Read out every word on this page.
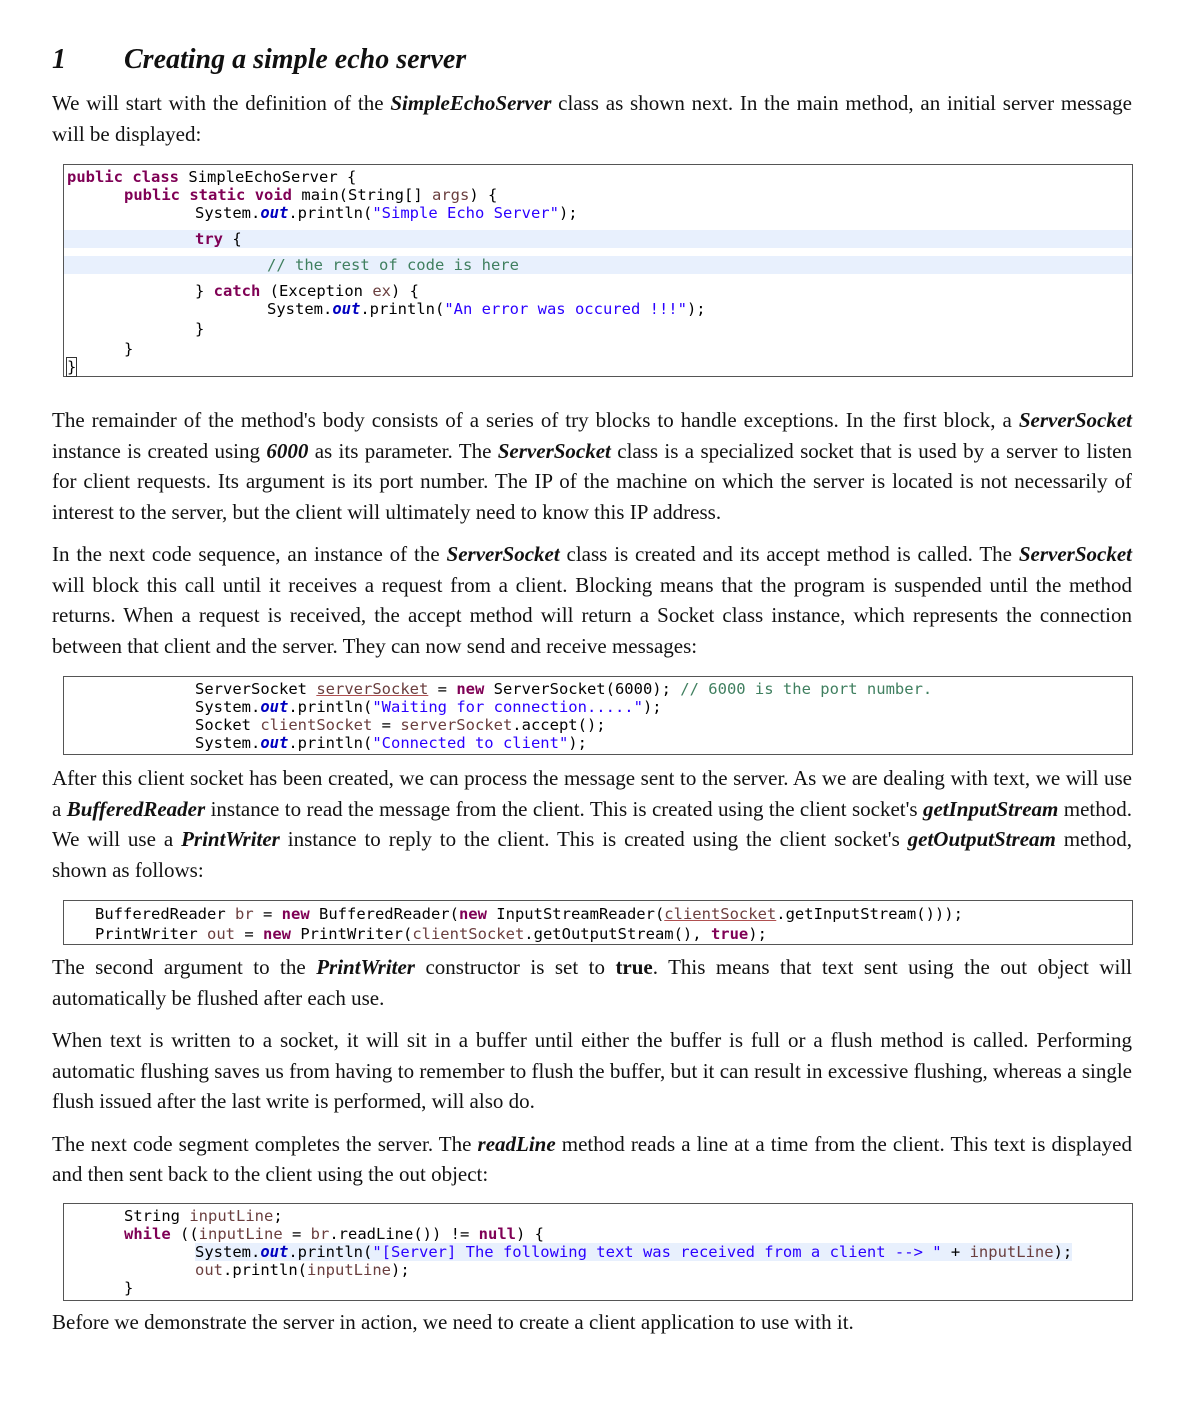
1	Creating a simple echo server

We will start with the definition of the SimpleEchoServer class as shown next. In the main method, an initial server message will be displayed:

public class SimpleEchoServer {
public static void main(String[] args) {
System.out.println("Simple Echo Server");
try {
// the rest of code is here
} catch (Exception ex) {
System.out.println("An error was occured !!!");
}
}
}

The remainder of the method's body consists of a series of try blocks to handle exceptions. In the first block, a ServerSocket instance is created using 6000 as its parameter. The ServerSocket class is a specialized socket that is used by a server to listen for client requests. Its argument is its port number. The IP of the machine on which the server is located is not necessarily of interest to the server, but the client will ultimately need to know this IP address.

In the next code sequence, an instance of the ServerSocket class is created and its accept method is called. The ServerSocket will block this call until it receives a request from a client. Blocking means that the program is suspended until the method returns. When a request is received, the accept method will return a Socket class instance, which represents the connection between that client and the server. They can now send and receive messages:

ServerSocket serverSocket = new ServerSocket(6000); // 6000 is the port number.
System.out.println("Waiting for connection.....");
Socket clientSocket = serverSocket.accept();
System.out.println("Connected to client");

After this client socket has been created, we can process the message sent to the server. As we are dealing with text, we will use a BufferedReader instance to read the message from the client. This is created using the client socket's getInputStream method. We will use a PrintWriter instance to reply to the client. This is created using the client socket's getOutputStream method, shown as follows:

BufferedReader br = new BufferedReader(new InputStreamReader(clientSocket.getInputStream()));
PrintWriter out = new PrintWriter(clientSocket.getOutputStream(), true);

The second argument to the PrintWriter constructor is set to true. This means that text sent using the out object will automatically be flushed after each use.

When text is written to a socket, it will sit in a buffer until either the buffer is full or a flush method is called. Performing automatic flushing saves us from having to remember to flush the buffer, but it can result in excessive flushing, whereas a single flush issued after the last write is performed, will also do.

The next code segment completes the server. The readLine method reads a line at a time from the client. This text is displayed and then sent back to the client using the out object:

String inputLine;
while ((inputLine = br.readLine()) != null) {
System.out.println("[Server] The following text was received from a client --> " + inputLine);
out.println(inputLine);
}

Before we demonstrate the server in action, we need to create a client application to use with it.
